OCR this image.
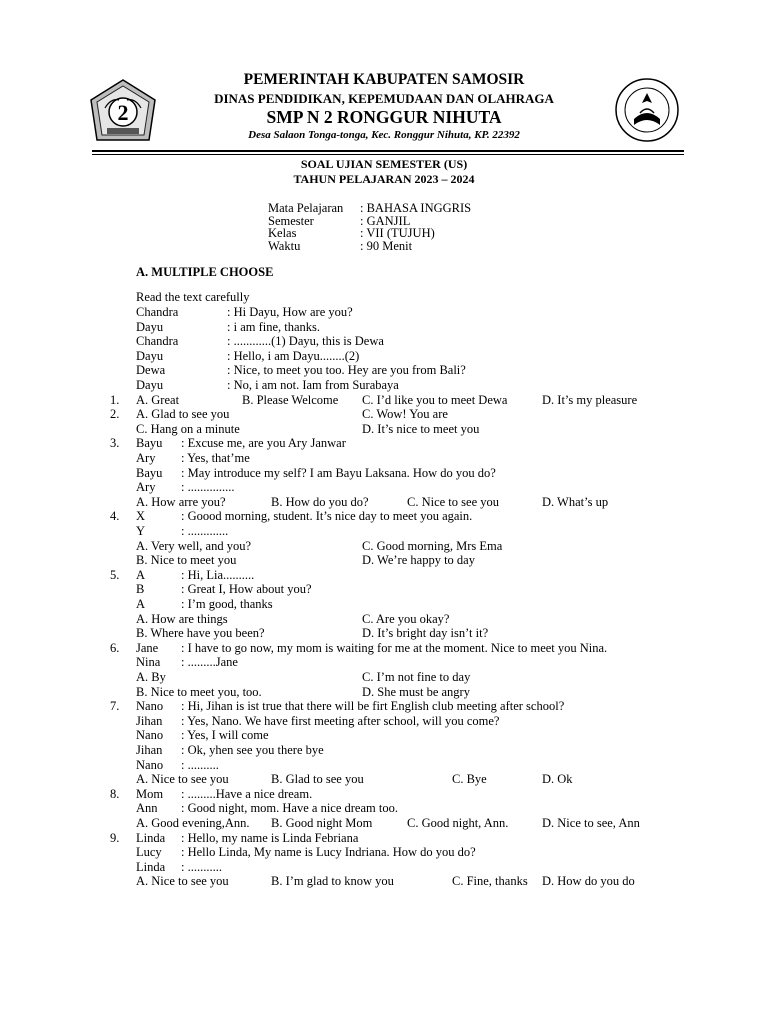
2
PEMERINTAH KABUPATEN SAMOSIR
DINAS PENDIDIKAN, KEPEMUDAAN DAN OLAHRAGA
SMP N 2 RONGGUR NIHUTA
Desa Salaon Tonga-tonga, Kec. Ronggur Nihuta, KP. 22392
SOAL UJIAN SEMESTER (US)
TAHUN PELAJARAN 2023 – 2024
Mata Pelajaran : BAHASA INGGRIS
Semester	: GANJIL
Kelas	: VII (TUJUH)
Waktu	: 90 Menit
A. MULTIPLE CHOOSE
Read the text carefully
Chandra	: Hi Dayu, How are you?
Dayu	: i am fine, thanks.
Chandra	: ............(1) Dayu, this is Dewa
Dayu	: Hello, i am Dayu........(2)
Dewa	: Nice, to meet you too. Hey are you from Bali?
Dayu	: No, i am not. Iam from Surabaya
1. A. Great	B. Please Welcome C. I’d like you to meet Dewa	D. It’s my pleasure
2. A. Glad to see you	C. Wow! You are
C. Hang on a minute	D. It’s nice to meet you
3. Bayu : Excuse me, are you Ary Janwar
Ary : Yes, that’me
Bayu : May introduce my self? I am Bayu Laksana. How do you do?
Ary : ...............
A. How arre you?	B. How do you do?	C. Nice to see you	D. What’s up
4. X	: Goood morning, student. It’s nice day to meet you again.
Y	: .............
A. Very well, and you?	C. Good morning, Mrs Ema
B. Nice to meet you	D. We’re happy to day
5. A	: Hi, Lia..........
B	: Great I, How about you?
A	: I’m good, thanks
A. How are things	C. Are you okay?
B. Where have you been?	D. It’s bright day isn’t it?
6. Jane : I have to go now, my mom is waiting for me at the moment. Nice to meet you Nina.
Nina : .........Jane
A. By	C. I’m not fine to day
B. Nice to meet you, too.	D. She must be angry
7. Nano : Hi, Jihan is ist true that there will be firt English club meeting after school?
Jihan : Yes, Nano. We have first meeting after school, will you come?
Nano : Yes, I will come
Jihan : Ok, yhen see you there bye
Nano : ..........
A. Nice to see you	B. Glad to see you	C. Bye	D. Ok
8. Mom : .........Have a nice dream.
Ann : Good night, mom. Have a nice dream too.
A. Good evening,Ann. B. Good night Mom	C. Good night, Ann.	D. Nice to see, Ann
9. Linda : Hello, my name is Linda Febriana
Lucy : Hello Linda, My name is Lucy Indriana. How do you do?
Linda : ...........
A. Nice to see you	B. I’m glad to know you	C. Fine, thanks D. How do you do
